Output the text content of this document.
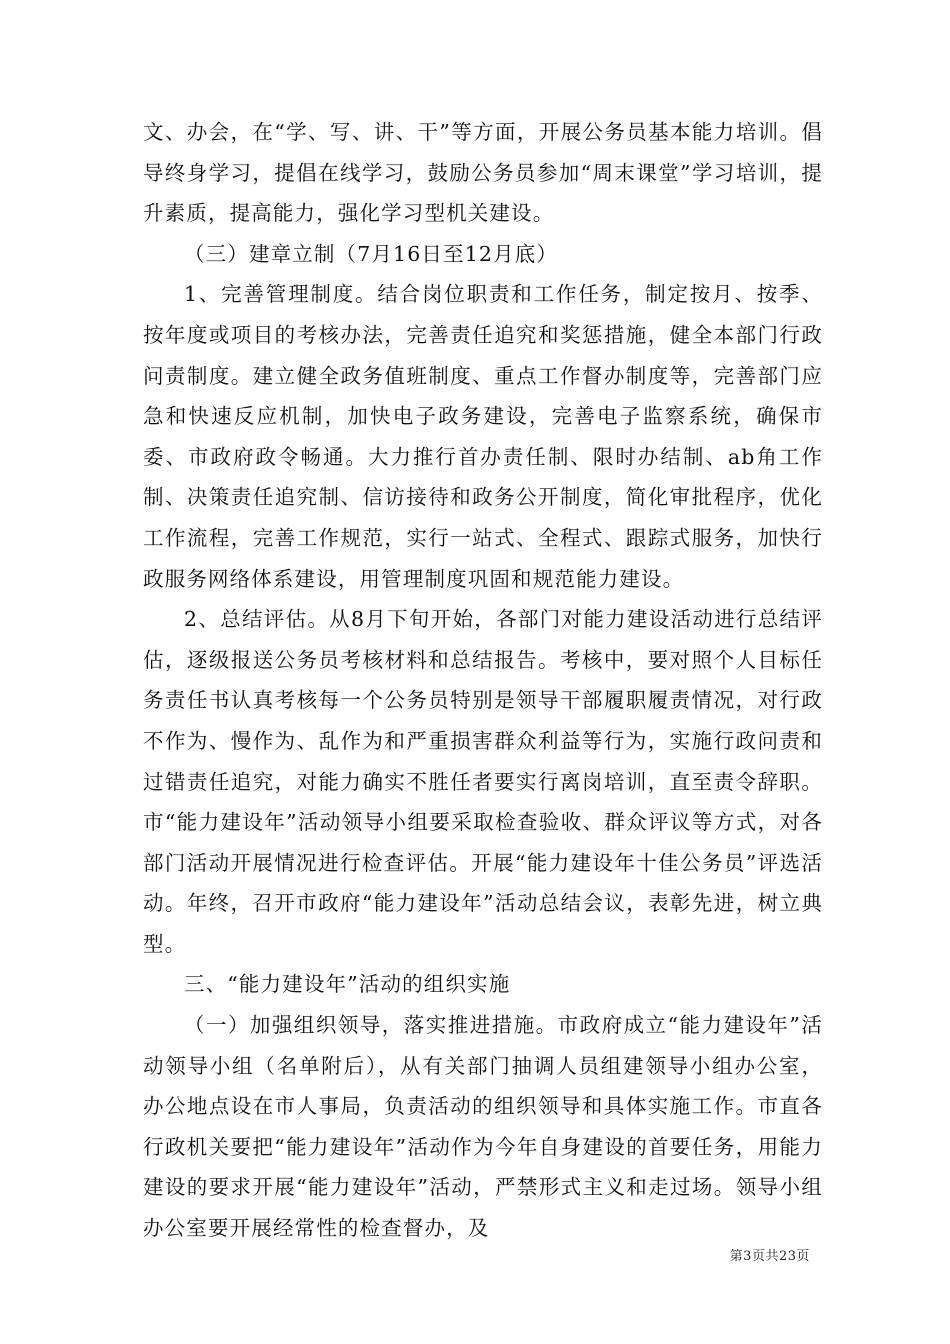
文、办会，在“学、写、讲、干”等方面，开展公务员基本能力培训。倡导终身学习，提倡在线学习，鼓励公务员参加“周末课堂”学习培训，提升素质，提高能力，强化学习型机关建设。

（三）建章立制（7月16日至12月底）

1、完善管理制度。结合岗位职责和工作任务，制定按月、按季、按年度或项目的考核办法，完善责任追究和奖惩措施，健全本部门行政问责制度。建立健全政务值班制度、重点工作督办制度等，完善部门应急和快速反应机制，加快电子政务建设，完善电子监察系统，确保市委、市政府政令畅通。大力推行首办责任制、限时办结制、ab角工作制、决策责任追究制、信访接待和政务公开制度，简化审批程序，优化工作流程，完善工作规范，实行一站式、全程式、跟踪式服务，加快行政服务网络体系建设，用管理制度巩固和规范能力建设。

2、总结评估。从8月下旬开始，各部门对能力建设活动进行总结评估，逐级报送公务员考核材料和总结报告。考核中，要对照个人目标任务责任书认真考核每一个公务员特别是领导干部履职履责情况，对行政不作为、慢作为、乱作为和严重损害群众利益等行为，实施行政问责和过错责任追究，对能力确实不胜任者要实行离岗培训，直至责令辞职。市“能力建设年”活动领导小组要采取检查验收、群众评议等方式，对各部门活动开展情况进行检查评估。开展“能力建设年十佳公务员”评选活动。年终，召开市政府“能力建设年”活动总结会议，表彰先进，树立典型。

三、“能力建设年”活动的组织实施

（一）加强组织领导，落实推进措施。市政府成立“能力建设年”活动领导小组（名单附后），从有关部门抽调人员组建领导小组办公室，办公地点设在市人事局，负责活动的组织领导和具体实施工作。市直各行政机关要把“能力建设年”活动作为今年自身建设的首要任务，用能力建设的要求开展“能力建设年”活动，严禁形式主义和走过场。领导小组办公室要开展经常性的检查督办，及

第3页共23页
